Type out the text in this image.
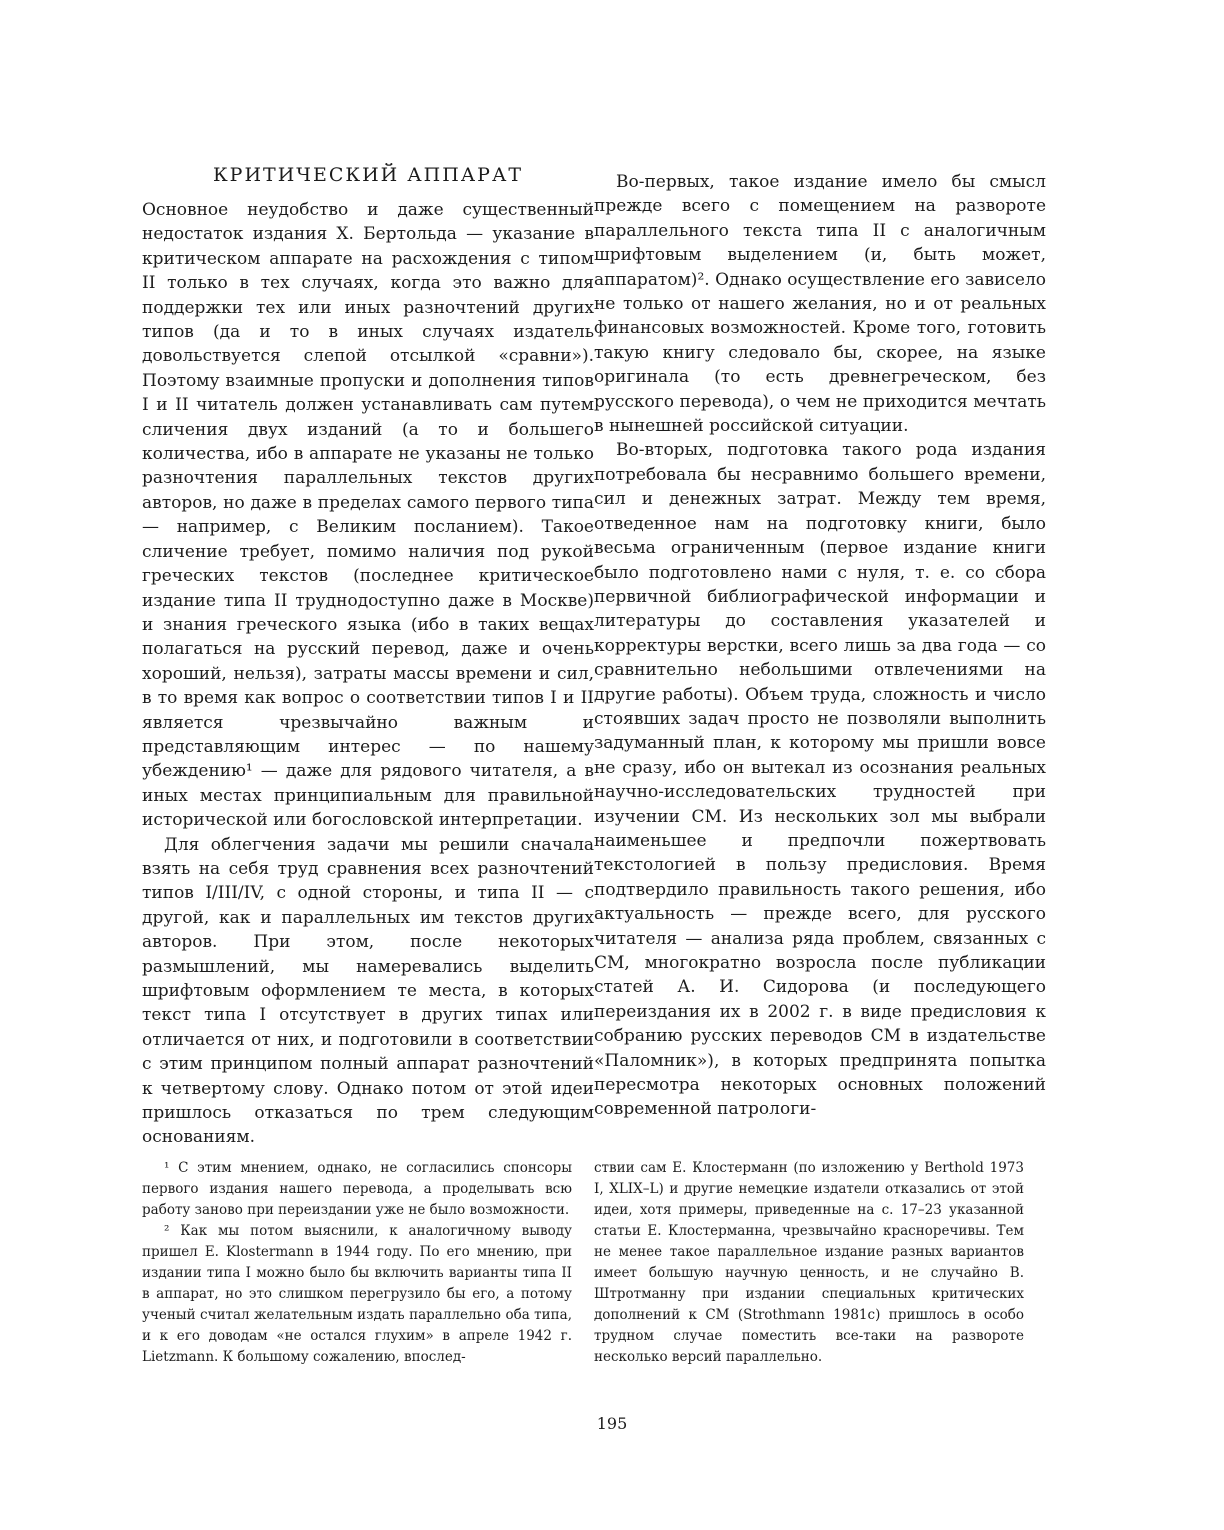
КРИТИЧЕСКИЙ АППАРАТ

Основное неудобство и даже существенный недостаток издания Х. Бертольда — указание в критическом аппарате на расхождения с типом II только в тех случаях, когда это важно для поддержки тех или иных разночтений других типов (да и то в иных случаях издатель довольствуется слепой отсылкой «сравни»). Поэтому взаимные пропуски и дополнения типов I и II читатель должен устанавливать сам путем сличения двух изданий (а то и большего количества, ибо в аппарате не указаны не только разночтения параллельных текстов других авторов, но даже в пределах самого первого типа — например, с Великим посланием). Такое сличение требует, помимо наличия под рукой греческих текстов (последнее критическое издание типа II труднодоступно даже в Москве) и знания греческого языка (ибо в таких вещах полагаться на русский перевод, даже и очень хороший, нельзя), затраты массы времени и сил, в то время как вопрос о соответствии типов I и II является чрезвычайно важным и представляющим интерес — по нашему убеждению¹ — даже для рядового читателя, а в иных местах принципиальным для правильной исторической или богословской интерпретации.

Для облегчения задачи мы решили сначала взять на себя труд сравнения всех разночтений типов I/III/IV, с одной стороны, и типа II — с другой, как и параллельных им текстов других авторов. При этом, после некоторых размышлений, мы намеревались выделить шрифтовым оформлением те места, в которых текст типа I отсутствует в других типах или отличается от них, и подготовили в соответствии с этим принципом полный аппарат разночтений к четвертому слову. Однако потом от этой идеи пришлось отказаться по трем следующим основаниям.

Во-первых, такое издание имело бы смысл прежде всего с помещением на развороте параллельного текста типа II с аналогичным шрифтовым выделением (и, быть может, аппаратом)². Однако осуществление его зависело не только от нашего желания, но и от реальных финансовых возможностей. Кроме того, готовить такую книгу следовало бы, скорее, на языке оригинала (то есть древнегреческом, без русского перевода), о чем не приходится мечтать в нынешней российской ситуации.

Во-вторых, подготовка такого рода издания потребовала бы несравнимо большего времени, сил и денежных затрат. Между тем время, отведенное нам на подготовку книги, было весьма ограниченным (первое издание книги было подготовлено нами с нуля, т. е. со сбора первичной библиографической информации и литературы до составления указателей и корректуры верстки, всего лишь за два года — со сравнительно небольшими отвлечениями на другие работы). Объем труда, сложность и число стоявших задач просто не позволяли выполнить задуманный план, к которому мы пришли вовсе не сразу, ибо он вытекал из осознания реальных научно-исследовательских трудностей при изучении СМ. Из нескольких зол мы выбрали наименьшее и предпочли пожертвовать текстологией в пользу предисловия. Время подтвердило правильность такого решения, ибо актуальность — прежде всего, для русского читателя — анализа ряда проблем, связанных с СМ, многократно возросла после публикации статей А. И. Сидорова (и последующего переиздания их в 2002 г. в виде предисловия к собранию русских переводов СМ в издательстве «Паломник»), в которых предпринята попытка пересмотра некоторых основных положений современной патрологи-

¹ С этим мнением, однако, не согласились спонсоры первого издания нашего перевода, а проделывать всю работу заново при переиздании уже не было возможности.

² Как мы потом выяснили, к аналогичному выводу пришел E. Klostermann в 1944 году. По его мнению, при издании типа I можно было бы включить варианты типа II в аппарат, но это слишком перегрузило бы его, а потому ученый считал желательным издать параллельно оба типа, и к его доводам «не остался глухим» в апреле 1942 г. Lietzmann. К большому сожалению, впослед-

ствии сам Е. Клостерманн (по изложению у Berthold 1973 I, XLIX–L) и другие немецкие издатели отказались от этой идеи, хотя примеры, приведенные на с. 17–23 указанной статьи Е. Клостерманна, чрезвычайно красноречивы. Тем не менее такое параллельное издание разных вариантов имеет большую научную ценность, и не случайно В. Штротманну при издании специальных критических дополнений к СМ (Strothmann 1981c) пришлось в особо трудном случае поместить все-таки на развороте несколько версий параллельно.

195
